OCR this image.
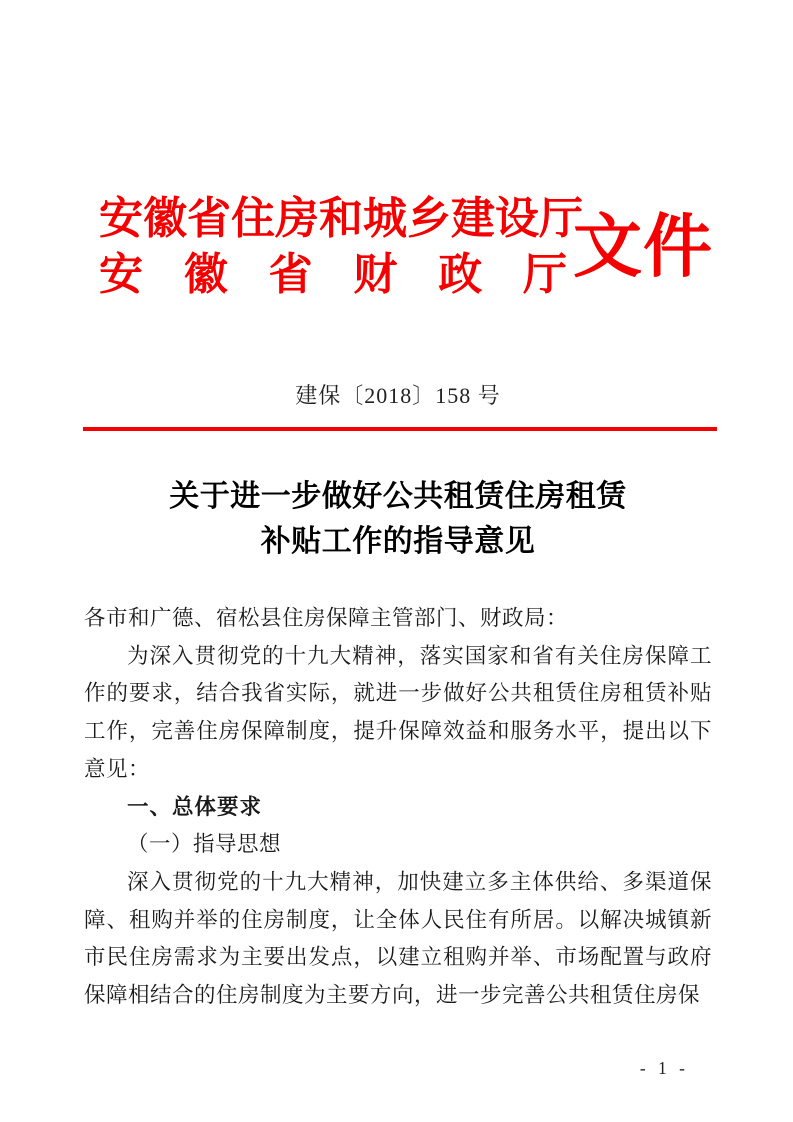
安徽省住房和城乡建设厅
安徽省财政厅 文件
建保〔2018〕158 号
关于进一步做好公共租赁住房租赁
补贴工作的指导意见

各市和广德、宿松县住房保障主管部门、财政局：

为深入贯彻党的十九大精神，落实国家和省有关住房保障工作的要求，结合我省实际，就进一步做好公共租赁住房租赁补贴工作，完善住房保障制度，提升保障效益和服务水平，提出以下意见：

一、总体要求

（一）指导思想

深入贯彻党的十九大精神，加快建立多主体供给、多渠道保障、租购并举的住房制度，让全体人民住有所居。以解决城镇新市民住房需求为主要出发点，以建立租购并举、市场配置与政府保障相结合的住房制度为主要方向，进一步完善公共租赁住房保

- 1 -
